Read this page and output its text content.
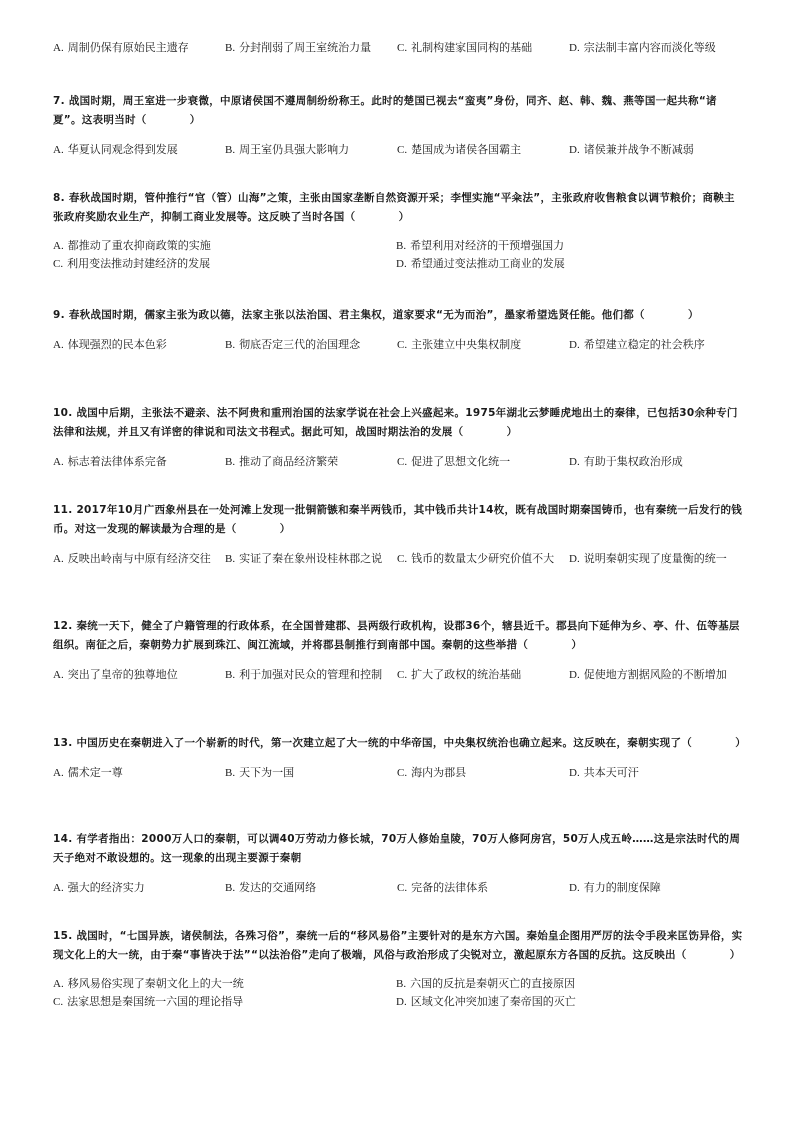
A. 周制仍保有原始民主遗存	B. 分封削弱了周王室统治力量	C. 礼制构建家国同构的基础	D. 宗法制丰富内容而淡化等级

7. 战国时期，周王室进一步衰微，中原诸侯国不遵周制纷纷称王。此时的楚国已视去“蛮夷”身份，同齐、赵、韩、魏、燕等国一起共称“诸夏”。这表明当时（　　　　）

A. 华夏认同观念得到发展	B. 周王室仍具强大影响力	C. 楚国成为诸侯各国霸主	D. 诸侯兼并战争不断减弱

8. 春秋战国时期，管仲推行“官（管）山海”之策，主张由国家垄断自然资源开采；李悝实施“平籴法”，主张政府收售粮食以调节粮价；商鞅主张政府奖励农业生产，抑制工商业发展等。这反映了当时各国（　　　　）

A. 都推动了重农抑商政策的实施	B. 希望利用对经济的干预增强国力
C. 利用变法推动封建经济的发展	D. 希望通过变法推动工商业的发展

9. 春秋战国时期，儒家主张为政以德，法家主张以法治国、君主集权，道家要求“无为而治”，墨家希望选贤任能。他们都（　　　　）

A. 体现强烈的民本色彩	B. 彻底否定三代的治国理念	C. 主张建立中央集权制度	D. 希望建立稳定的社会秩序

10. 战国中后期，主张法不避亲、法不阿贵和重刑治国的法家学说在社会上兴盛起来。1975年湖北云梦睡虎地出土的秦律，已包括30余种专门法律和法规，并且又有详密的律说和司法文书程式。据此可知，战国时期法治的发展（　　　　）

A. 标志着法律体系完备	B. 推动了商品经济繁荣	C. 促进了思想文化统一	D. 有助于集权政治形成

11. 2017年10月广西象州县在一处河滩上发现一批铜箭镞和秦半两钱币，其中钱币共计14枚，既有战国时期秦国铸币，也有秦统一后发行的钱币。对这一发现的解读最为合理的是（　　　　）

A. 反映出岭南与中原有经济交往	B. 实证了秦在象州设桂林郡之说	C. 钱币的数量太少研究价值不大	D. 说明秦朝实现了度量衡的统一

12. 秦统一天下，健全了户籍管理的行政体系，在全国普建郡、县两级行政机构，设郡36个，辖县近千。郡县向下延伸为乡、亭、什、伍等基层组织。南征之后，秦朝势力扩展到珠江、闽江流域，并将郡县制推行到南部中国。秦朝的这些举措（　　　　）

A. 突出了皇帝的独尊地位	B. 利于加强对民众的管理和控制	C. 扩大了政权的统治基础	D. 促使地方割据风险的不断增加

13. 中国历史在秦朝进入了一个崭新的时代，第一次建立起了大一统的中华帝国，中央集权统治也确立起来。这反映在，秦朝实现了（　　　　）

A. 儒术定一尊	B. 天下为一国	C. 海内为郡县	D. 共本天可汗

14. 有学者指出：2000万人口的秦朝，可以调40万劳动力修长城，70万人修始皇陵，70万人修阿房宫，50万人戍五岭……这是宗法时代的周天子绝对不敢设想的。这一现象的出现主要源于秦朝

A. 强大的经济实力	B. 发达的交通网络	C. 完备的法律体系	D. 有力的制度保障

15. 战国时，“七国异族，诸侯制法，各殊习俗”，秦统一后的“移风易俗”主要针对的是东方六国。秦始皇企图用严厉的法令手段来匡饬异俗，实现文化上的大一统，由于秦“事皆决于法”“以法治俗”走向了极端，风俗与政治形成了尖锐对立，激起原东方各国的反抗。这反映出（　　　　）

A. 移风易俗实现了秦朝文化上的大一统	B. 六国的反抗是秦朝灭亡的直接原因
C. 法家思想是秦国统一六国的理论指导	D. 区域文化冲突加速了秦帝国的灭亡
